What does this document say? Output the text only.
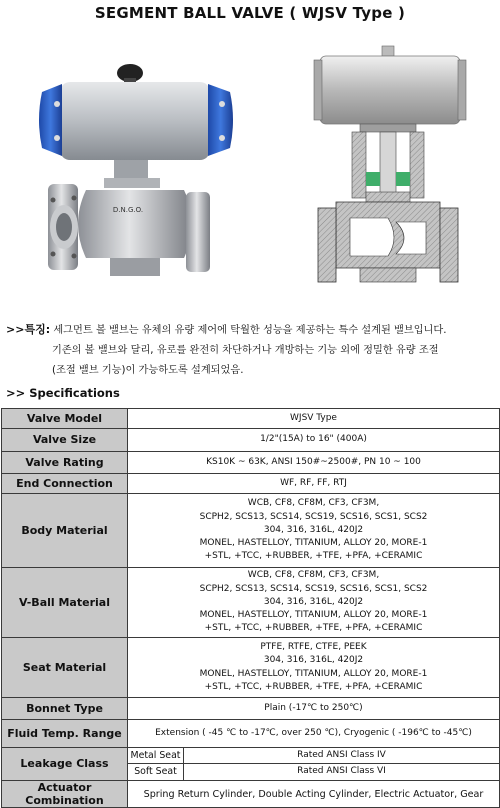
SEGMENT BALL VALVE ( WJSV Type )
D.N.G.O.
>>특징: 세그먼트 볼 밸브는 유체의 유량 제어에 탁월한 성능을 제공하는 특수 설계된 밸브입니다.
기존의 볼 밸브와 달리, 유로를 완전히 차단하거나 개방하는 기능 외에 정밀한 유량 조절
(조절 밸브 기능)이 가능하도록 설계되었음.
>> Specifications
Valve Model	WJSV Type	
Valve Size	1/2"(15A) to 16" (400A)	
Valve Rating	KS10K ~ 63K, ANSI 150#~2500#, PN 10 ~ 100	
End Connection	WF, RF, FF, RTJ	
Body Material	WCB, CF8, CF8M, CF3, CF3M,
SCPH2, SCS13, SCS14, SCS19, SCS16, SCS1, SCS2
304, 316, 316L, 420J2
MONEL, HASTELLOY, TITANIUM, ALLOY 20, MORE-1
+STL, +TCC, +RUBBER, +TFE, +PFA, +CERAMIC	

V-Ball Material	WCB, CF8, CF8M, CF3, CF3M,
SCPH2, SCS13, SCS14, SCS19, SCS16, SCS1, SCS2
304, 316, 316L, 420J2
MONEL, HASTELLOY, TITANIUM, ALLOY 20, MORE-1
+STL, +TCC, +RUBBER, +TFE, +PFA, +CERAMIC	

Seat Material	PTFE, RTFE, CTFE, PEEK
304, 316, 316L, 420J2
MONEL, HASTELLOY, TITANIUM, ALLOY 20, MORE-1
+STL, +TCC, +RUBBER, +TFE, +PFA, +CERAMIC	

Bonnet Type	Plain (-17℃ to 250℃)	
Fluid Temp. Range	Extension ( -45 ℃ to -17℃, over 250 ℃), Cryogenic ( -196℃ to -45℃)	
Leakage Class	Metal Seat	Rated ANSI Class IV
	Soft Seat	Rated ANSI Class VI
Actuator Combination	Spring Return Cylinder, Double Acting Cylinder, Electric Actuator, Gear	
